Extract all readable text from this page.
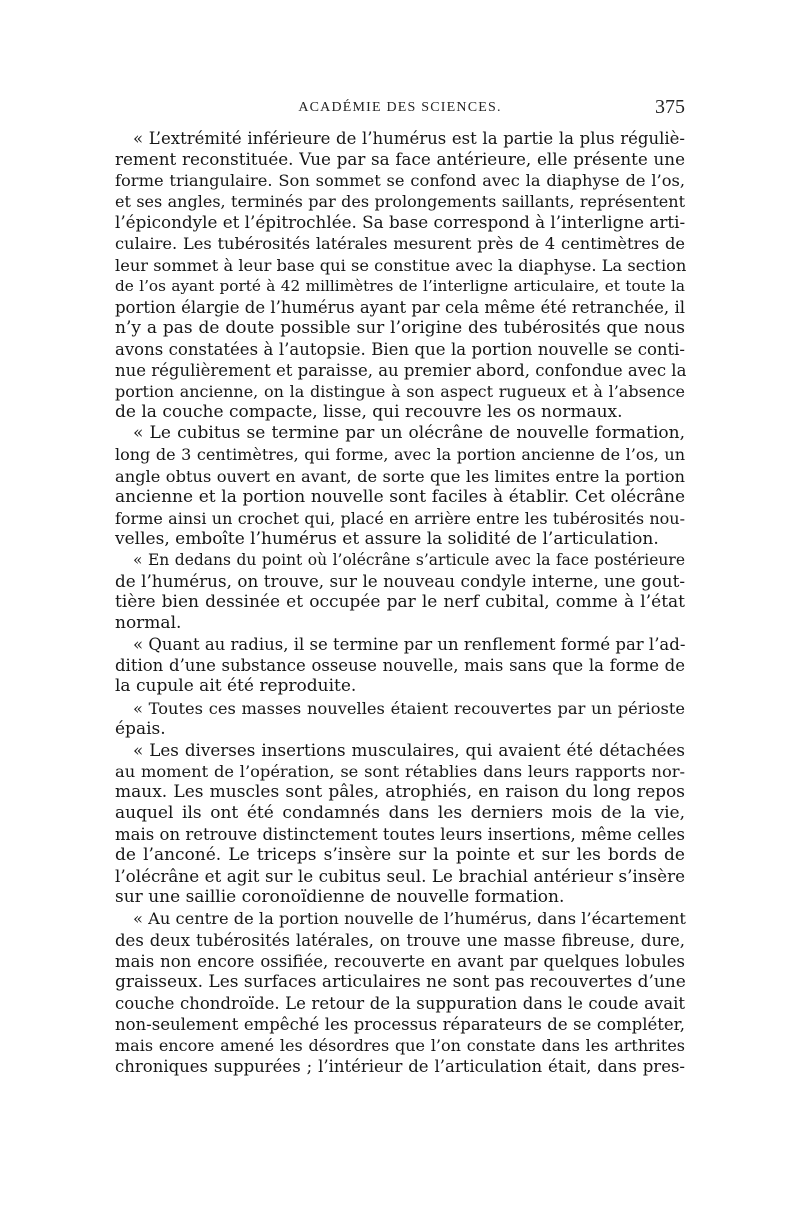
ACADÉMIE DES SCIENCES.	375
« L’extrémité inférieure de l’humérus est la partie la plus réguliè-
rement reconstituée. Vue par sa face antérieure, elle présente une
forme triangulaire. Son sommet se confond avec la diaphyse de l’os,
et ses angles, terminés par des prolongements saillants, représentent
l’épicondyle et l’épitrochlée. Sa base correspond à l’interligne arti-
culaire. Les tubérosités latérales mesurent près de 4 centimètres de
leur sommet à leur base qui se constitue avec la diaphyse. La section
de l’os ayant porté à 42 millimètres de l’interligne articulaire, et toute la
portion élargie de l’humérus ayant par cela même été retranchée, il
n’y a pas de doute possible sur l’origine des tubérosités que nous
avons constatées à l’autopsie. Bien que la portion nouvelle se conti-
nue régulièrement et paraisse, au premier abord, confondue avec la
portion ancienne, on la distingue à son aspect rugueux et à l’absence
de la couche compacte, lisse, qui recouvre les os normaux.
« Le cubitus se termine par un olécrâne de nouvelle formation,
long de 3 centimètres, qui forme, avec la portion ancienne de l’os, un
angle obtus ouvert en avant, de sorte que les limites entre la portion
ancienne et la portion nouvelle sont faciles à établir. Cet olécrâne
forme ainsi un crochet qui, placé en arrière entre les tubérosités nou-
velles, emboîte l’humérus et assure la solidité de l’articulation.
« En dedans du point où l’olécrâne s’articule avec la face postérieure
de l’humérus, on trouve, sur le nouveau condyle interne, une gout-
tière bien dessinée et occupée par le nerf cubital, comme à l’état
normal.
« Quant au radius, il se termine par un renflement formé par l’ad-
dition d’une substance osseuse nouvelle, mais sans que la forme de
la cupule ait été reproduite.
« Toutes ces masses nouvelles étaient recouvertes par un périoste
épais.
« Les diverses insertions musculaires, qui avaient été détachées
au moment de l’opération, se sont rétablies dans leurs rapports nor-
maux. Les muscles sont pâles, atrophiés, en raison du long repos
auquel ils ont été condamnés dans les derniers mois de la vie,
mais on retrouve distinctement toutes leurs insertions, même celles
de l’anconé. Le triceps s’insère sur la pointe et sur les bords de
l’olécrâne et agit sur le cubitus seul. Le brachial antérieur s’insère
sur une saillie coronoïdienne de nouvelle formation.
« Au centre de la portion nouvelle de l’humérus, dans l’écartement
des deux tubérosités latérales, on trouve une masse fibreuse, dure,
mais non encore ossifiée, recouverte en avant par quelques lobules
graisseux. Les surfaces articulaires ne sont pas recouvertes d’une
couche chondroïde. Le retour de la suppuration dans le coude avait
non-seulement empêché les processus réparateurs de se compléter,
mais encore amené les désordres que l’on constate dans les arthrites
chroniques suppurées ; l’intérieur de l’articulation était, dans pres-
